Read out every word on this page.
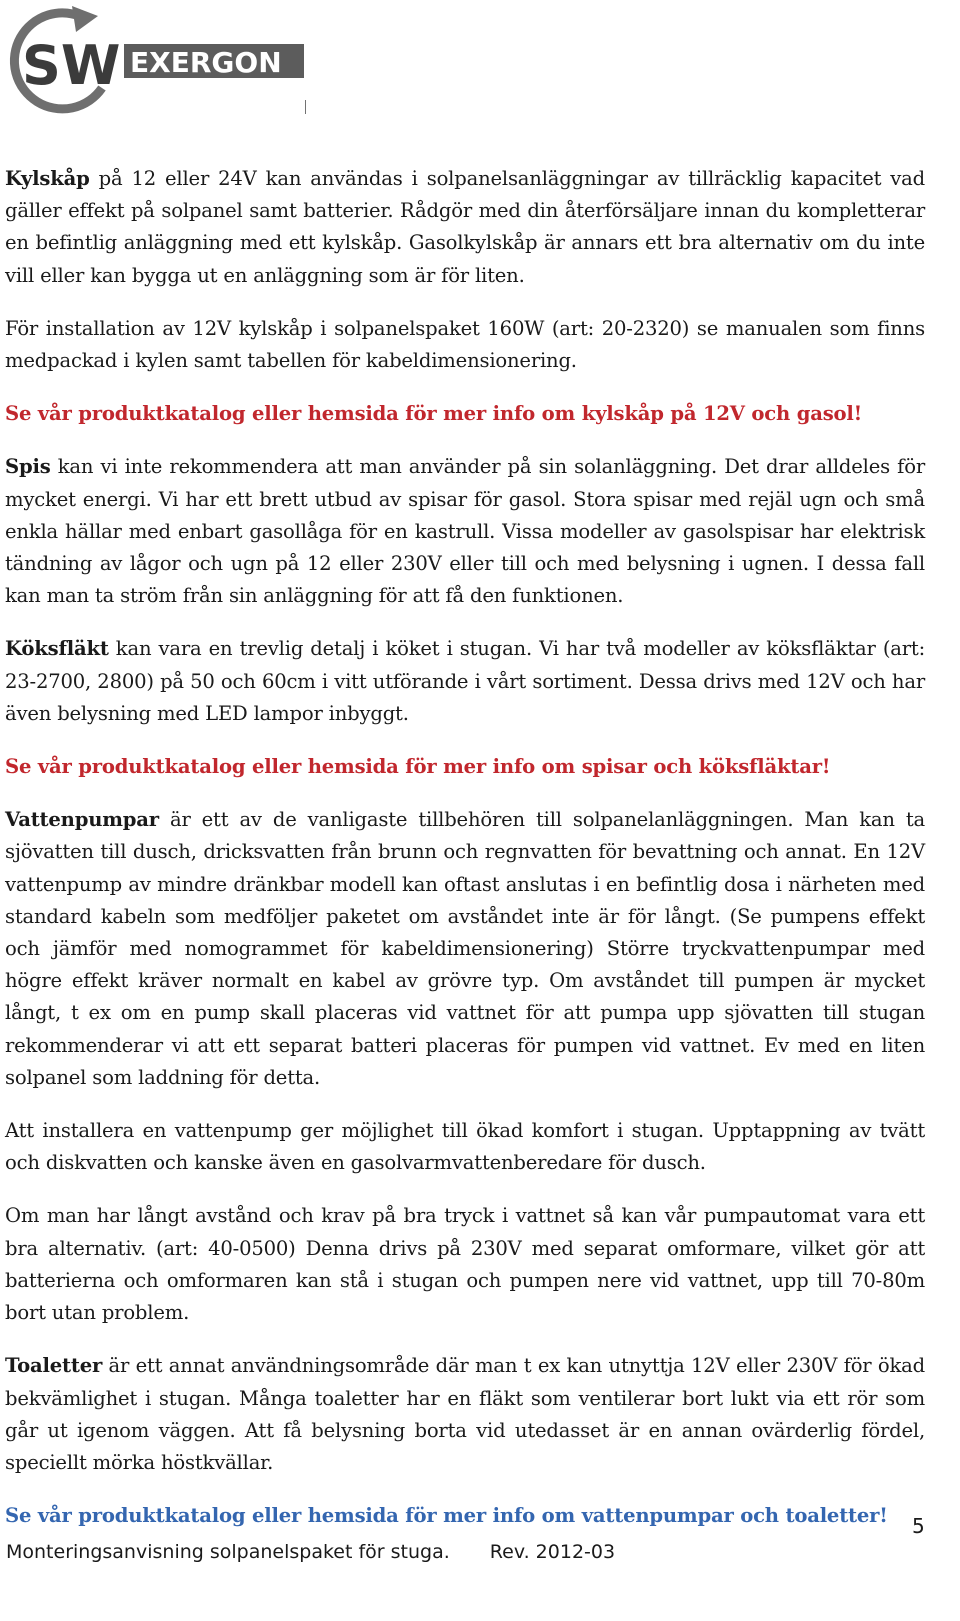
SW EXERGON

Kylskåp på 12 eller 24V kan användas i solpanelsanläggningar av tillräcklig kapacitet vad gäller effekt på solpanel samt batterier. Rådgör med din återförsäljare innan du kompletterar en befintlig anläggning med ett kylskåp. Gasolkylskåp är annars ett bra alternativ om du inte vill eller kan bygga ut en anläggning som är för liten.

För installation av 12V kylskåp i solpanelspaket 160W (art: 20-2320) se manualen som finns medpackad i kylen samt tabellen för kabeldimensionering.

Se vår produktkatalog eller hemsida för mer info om kylskåp på 12V och gasol!

Spis kan vi inte rekommendera att man använder på sin solanläggning. Det drar alldeles för mycket energi. Vi har ett brett utbud av spisar för gasol. Stora spisar med rejäl ugn och små enkla hällar med enbart gasollåga för en kastrull. Vissa modeller av gasolspisar har elektrisk tändning av lågor och ugn på 12 eller 230V eller till och med belysning i ugnen. I dessa fall kan man ta ström från sin anläggning för att få den funktionen.

Köksfläkt kan vara en trevlig detalj i köket i stugan. Vi har två modeller av köksfläktar (art: 23-2700, 2800) på 50 och 60cm i vitt utförande i vårt sortiment. Dessa drivs med 12V och har även belysning med LED lampor inbyggt.

Se vår produktkatalog eller hemsida för mer info om spisar och köksfläktar!

Vattenpumpar är ett av de vanligaste tillbehören till solpanelanläggningen. Man kan ta sjövatten till dusch, dricksvatten från brunn och regnvatten för bevattning och annat. En 12V vattenpump av mindre dränkbar modell kan oftast anslutas i en befintlig dosa i närheten med standard kabeln som medföljer paketet om avståndet inte är för långt. (Se pumpens effekt och jämför med nomogrammet för kabeldimensionering) Större tryckvattenpumpar med högre effekt kräver normalt en kabel av grövre typ. Om avståndet till pumpen är mycket långt, t ex om en pump skall placeras vid vattnet för att pumpa upp sjövatten till stugan rekommenderar vi att ett separat batteri placeras för pumpen vid vattnet. Ev med en liten solpanel som laddning för detta.

Att installera en vattenpump ger möjlighet till ökad komfort i stugan. Upptappning av tvätt och diskvatten och kanske även en gasolvarmvattenberedare för dusch.

Om man har långt avstånd och krav på bra tryck i vattnet så kan vår pumpautomat vara ett bra alternativ. (art: 40-0500) Denna drivs på 230V med separat omformare, vilket gör att batterierna och omformaren kan stå i stugan och pumpen nere vid vattnet, upp till 70-80m bort utan problem.

Toaletter är ett annat användningsområde där man t ex kan utnyttja 12V eller 230V för ökad bekvämlighet i stugan. Många toaletter har en fläkt som ventilerar bort lukt via ett rör som går ut igenom väggen. Att få belysning borta vid utedasset är en annan ovärderlig fördel, speciellt mörka höstkvällar.

Se vår produktkatalog eller hemsida för mer info om vattenpumpar och toaletter!	5
Monteringsanvisning solpanelspaket för stuga. Rev. 2012-03
